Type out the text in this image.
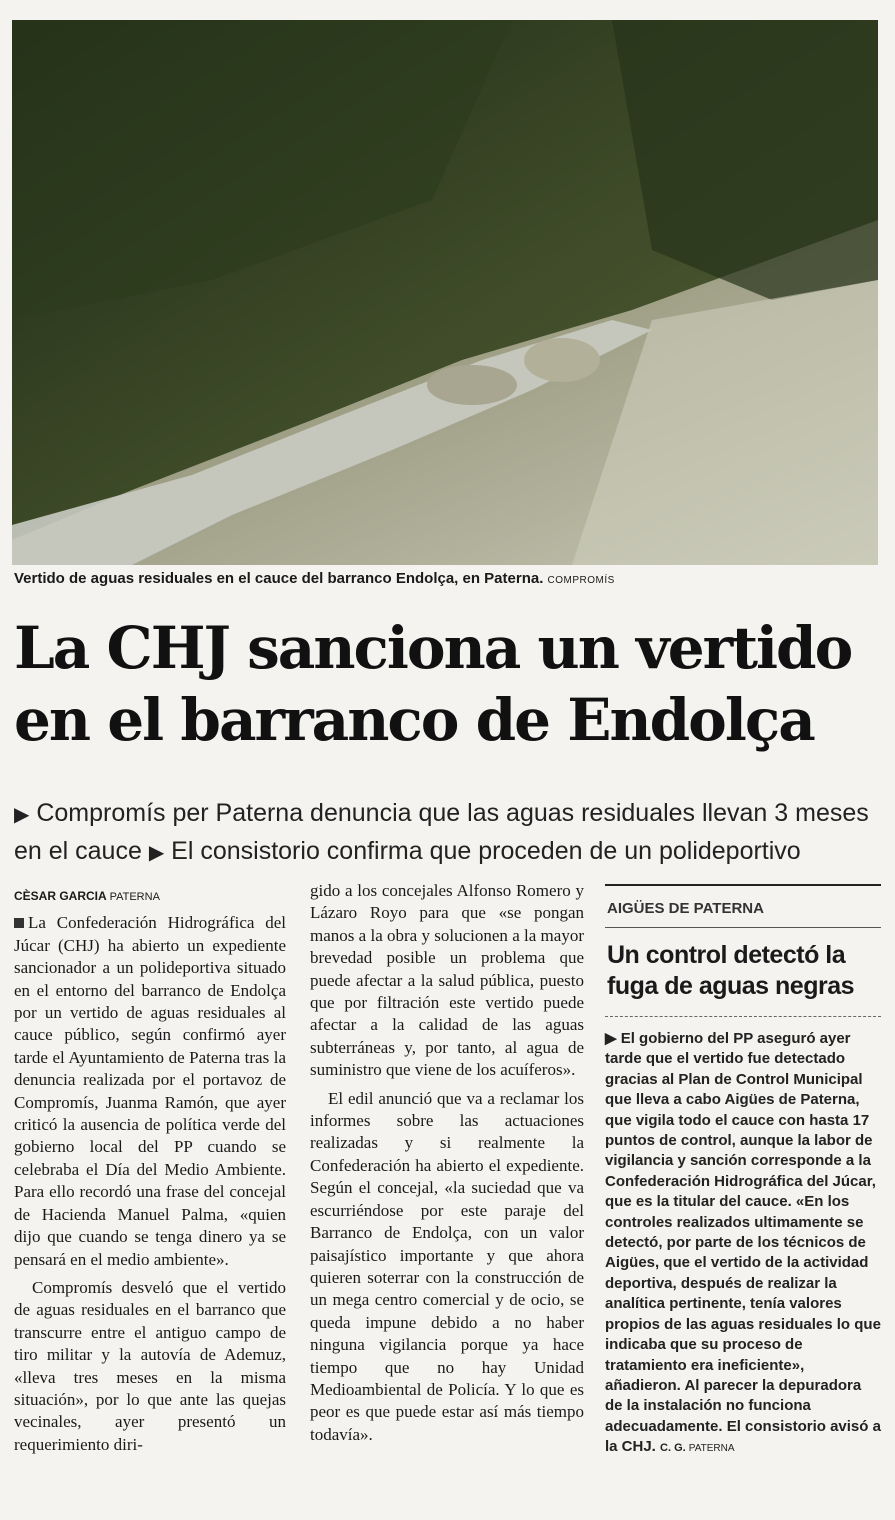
Vertido de aguas residuales en el cauce del barranco Endolça, en Paterna. COMPROMÍS
La CHJ sanciona un vertido
en el barranco de Endolça
▶ Compromís per Paterna denuncia que las aguas residuales llevan 3 meses en el cauce ▶ El consistorio confirma que proceden de un polideportivo
CÈSAR GARCIA PATERNA

La Confederación Hidrográfica del Júcar (CHJ) ha abierto un expediente sancionador a un polideportiva situado en el entorno del barranco de Endolça por un vertido de aguas residuales al cauce público, según confirmó ayer tarde el Ayuntamiento de Paterna tras la denuncia realizada por el portavoz de Compromís, Juanma Ramón, que ayer criticó la ausencia de política verde del gobierno local del PP cuando se celebraba el Día del Medio Ambiente. Para ello recordó una frase del concejal de Hacienda Manuel Palma, «quien dijo que cuando se tenga dinero ya se pensará en el medio ambiente».

Compromís desveló que el vertido de aguas residuales en el barranco que transcurre entre el antiguo campo de tiro militar y la autovía de Ademuz, «lleva tres meses en la misma situación», por lo que ante las quejas vecinales, ayer presentó un requerimiento diri-

gido a los concejales Alfonso Romero y Lázaro Royo para que «se pongan manos a la obra y solucionen a la mayor brevedad posible un problema que puede afectar a la salud pública, puesto que por filtración este vertido puede afectar a la calidad de las aguas subterráneas y, por tanto, al agua de suministro que viene de los acuíferos».

El edil anunció que va a reclamar los informes sobre las actuaciones realizadas y si realmente la Confederación ha abierto el expediente. Según el concejal, «la suciedad que va escurriéndose por este paraje del Barranco de Endolça, con un valor paisajístico importante y que ahora quieren soterrar con la construcción de un mega centro comercial y de ocio, se queda impune debido a no haber ninguna vigilancia porque ya hace tiempo que no hay Unidad Medioambiental de Policía. Y lo que es peor es que puede estar así más tiempo todavía».

AIGÜES DE PATERNA
Un control detectó la fuga de aguas negras
▶ El gobierno del PP aseguró ayer tarde que el vertido fue detectado gracias al Plan de Control Municipal que lleva a cabo Aigües de Paterna, que vigila todo el cauce con hasta 17 puntos de control, aunque la labor de vigilancia y sanción corresponde a la Confederación Hidrográfica del Júcar, que es la titular del cauce. «En los controles realizados ultimamente se detectó, por parte de los técnicos de Aigües, que el vertido de la actividad deportiva, después de realizar la analítica pertinente, tenía valores propios de las aguas residuales lo que indicaba que su proceso de tratamiento era ineficiente», añadieron. Al parecer la depuradora de la instalación no funciona adecuadamente. El consistorio avisó a la CHJ. C. G. PATERNA
